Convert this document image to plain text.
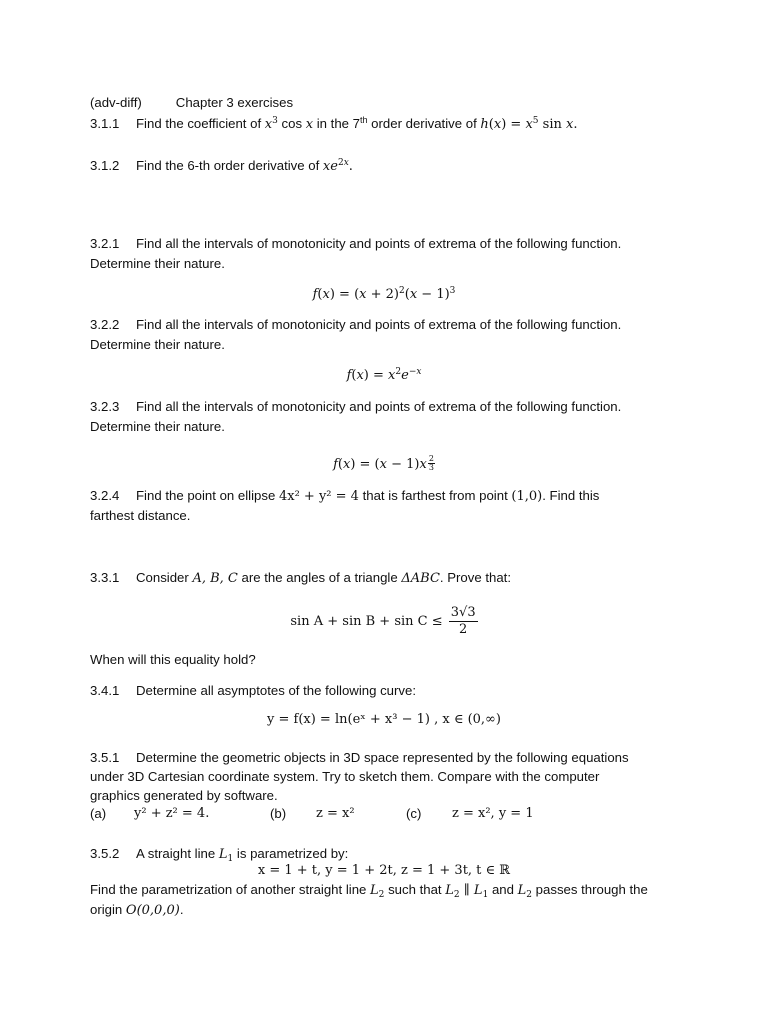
(adv-diff)	Chapter 3 exercises
3.1.1 Find the coefficient of $x^3$ cos x in the 7th order derivative of $h(x) = x^5$ sin x.
3.1.2 Find the 6-th order derivative of $xe^{2x}$.
3.2.1 Find all the intervals of monotonicity and points of extrema of the following function.
Determine their nature.
$f(x) = (x + 2)^2(x - 1)^3$
3.2.2 Find all the intervals of monotonicity and points of extrema of the following function.
Determine their nature.
$f(x) = x^2e^{-x}$
3.2.3 Find all the intervals of monotonicity and points of extrema of the following function.
Determine their nature.
$f(x) = (x - 1)x \frac{2}{3}$
3.2.4 Find the point on ellipse 4x² + y² = 4 that is farthest from point (1,0). Find this
farthest distance.
3.3.1 Consider A, B, C are the angles of a triangle ΔABC. Prove that:
$\sin A + \sin B + \sin C \le \frac{3√3}{2}$
When will this equality hold?
3.4.1 Determine all asymptotes of the following curve:
y = f(x) = ln(eˣ + x³ − 1) , x ∈ (0,∞)
3.5.1 Determine the geometric objects in 3D space represented by the following equations
under 3D Cartesian coordinate system. Try to sketch them. Compare with the computer
graphics generated by software.
(a) y² + z² = 4.	(b) z = x²	(c) z = x², y = 1
3.5.2 A straight line $L_1$ is parametrized by:
x = 1 + t, y = 1 + 2t, z = 1 + 3t, t ∈ ℝ
Find the parametrization of another straight line $L_2$ such that $L_2$ ∥ $L_1$ and $L_2$ passes through the
origin O(0,0,0).
